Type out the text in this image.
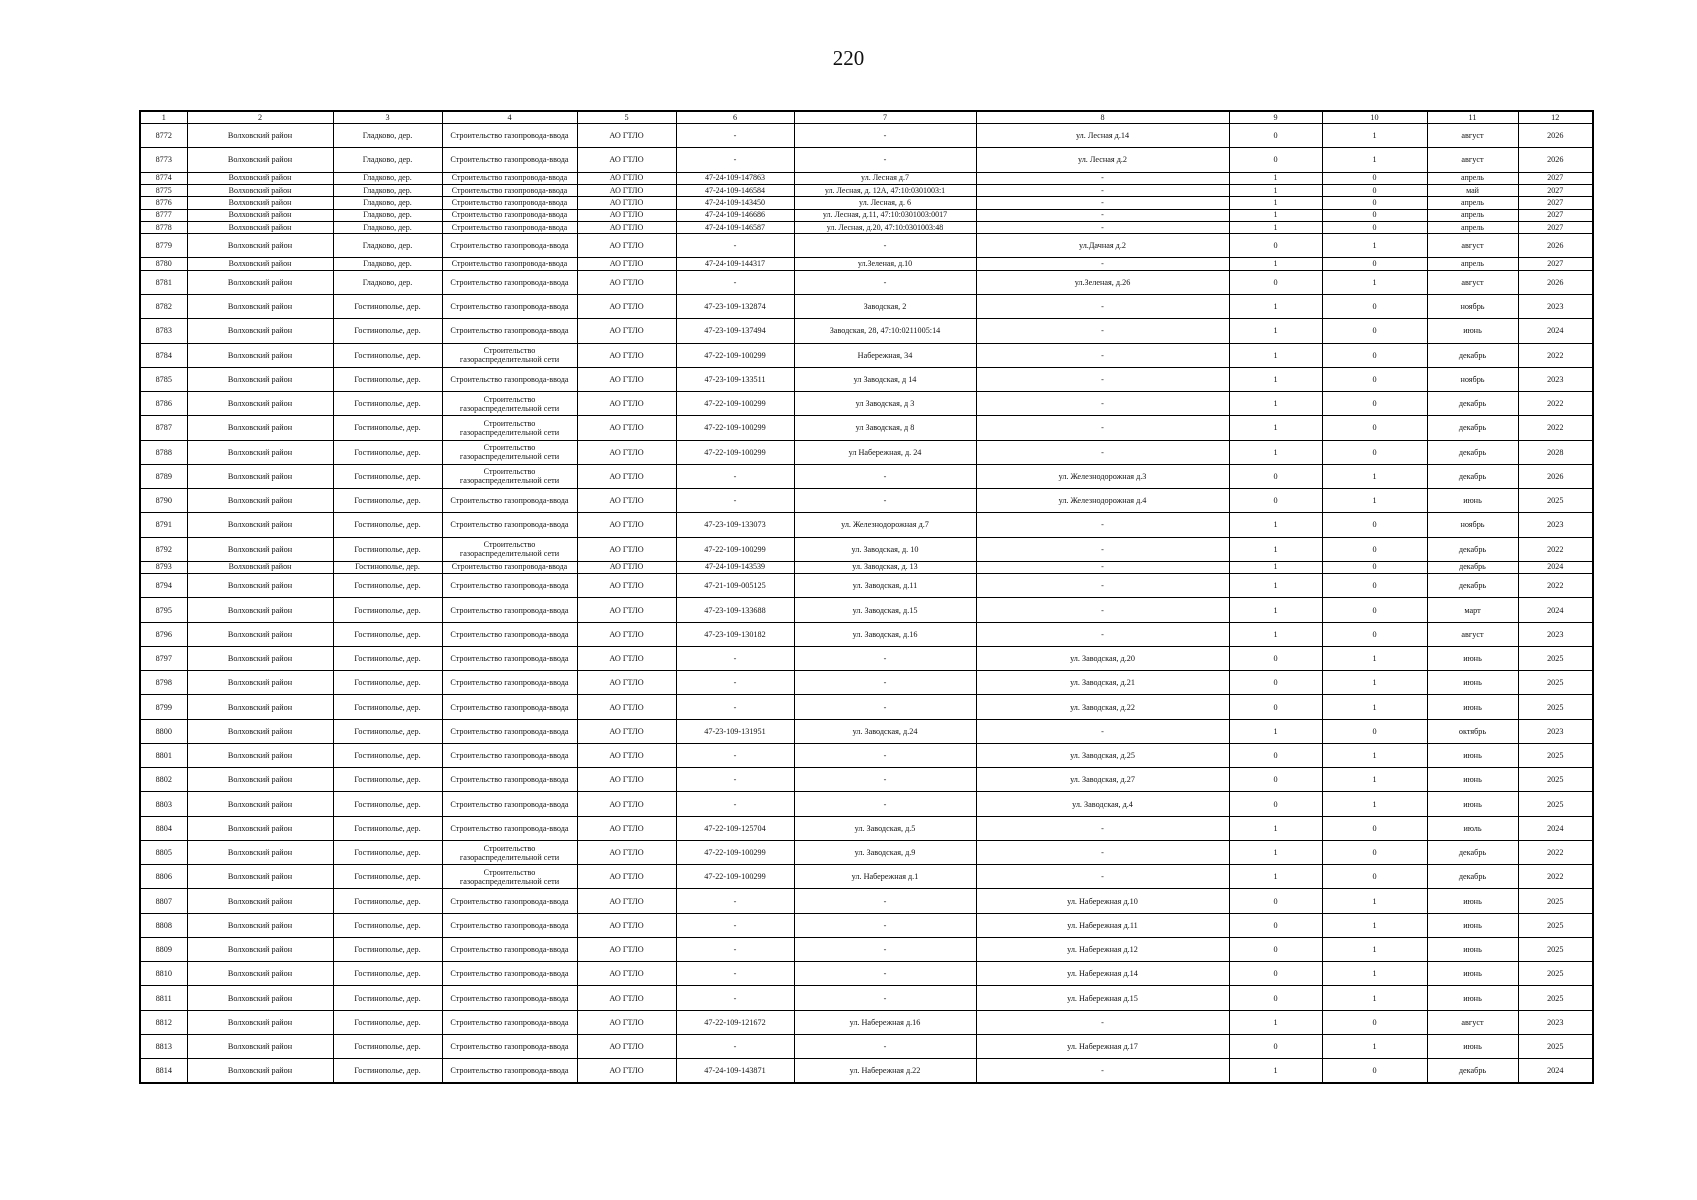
220
1	2	3	4	5	6	7	8	9	10	11	12
8772	Волховский район	Гладково, дер.	Строительство газопровода-ввода	АО ГТЛО	-	-	ул. Лесная д.14	0	1	август	2026
8773	Волховский район	Гладково, дер.	Строительство газопровода-ввода	АО ГТЛО	-	-	ул. Лесная д.2	0	1	август	2026
8774	Волховский район	Гладково, дер.	Строительство газопровода-ввода	АО ГТЛО	47-24-109-147863	ул. Лесная д.7	-	1	0	апрель	2027
8775	Волховский район	Гладково, дер.	Строительство газопровода-ввода	АО ГТЛО	47-24-109-146584	ул. Лесная, д. 12А, 47:10:0301003:1	-	1	0	май	2027
8776	Волховский район	Гладково, дер.	Строительство газопровода-ввода	АО ГТЛО	47-24-109-143450	ул. Лесная, д. 6	-	1	0	апрель	2027
8777	Волховский район	Гладково, дер.	Строительство газопровода-ввода	АО ГТЛО	47-24-109-146686	ул. Лесная, д.11, 47:10:0301003:0017	-	1	0	апрель	2027
8778	Волховский район	Гладково, дер.	Строительство газопровода-ввода	АО ГТЛО	47-24-109-146587	ул. Лесная, д.20, 47:10:0301003:48	-	1	0	апрель	2027
8779	Волховский район	Гладково, дер.	Строительство газопровода-ввода	АО ГТЛО	-	-	ул.Дачная д.2	0	1	август	2026
8780	Волховский район	Гладково, дер.	Строительство газопровода-ввода	АО ГТЛО	47-24-109-144317	ул.Зеленая, д.10	-	1	0	апрель	2027
8781	Волховский район	Гладково, дер.	Строительство газопровода-ввода	АО ГТЛО	-	-	ул.Зеленая, д.26	0	1	август	2026
8782	Волховский район	Гостинополье, дер.	Строительство газопровода-ввода	АО ГТЛО	47-23-109-132874	Заводская, 2	-	1	0	ноябрь	2023
8783	Волховский район	Гостинополье, дер.	Строительство газопровода-ввода	АО ГТЛО	47-23-109-137494	Заводская, 28, 47:10:0211005:14	-	1	0	июнь	2024
8784	Волховский район	Гостинополье, дер.	Строительство газораспределительной сети	АО ГТЛО	47-22-109-100299	Набережная, 34	-	1	0	декабрь	2022
8785	Волховский район	Гостинополье, дер.	Строительство газопровода-ввода	АО ГТЛО	47-23-109-133511	ул Заводская, д 14	-	1	0	ноябрь	2023
8786	Волховский район	Гостинополье, дер.	Строительство газораспределительной сети	АО ГТЛО	47-22-109-100299	ул Заводская, д 3	-	1	0	декабрь	2022
8787	Волховский район	Гостинополье, дер.	Строительство газораспределительной сети	АО ГТЛО	47-22-109-100299	ул Заводская, д 8	-	1	0	декабрь	2022
8788	Волховский район	Гостинополье, дер.	Строительство газораспределительной сети	АО ГТЛО	47-22-109-100299	ул Набережная, д. 24	-	1	0	декабрь	2028
8789	Волховский район	Гостинополье, дер.	Строительство газораспределительной сети	АО ГТЛО	-	-	ул. Железнодорожная д.3	0	1	декабрь	2026
8790	Волховский район	Гостинополье, дер.	Строительство газопровода-ввода	АО ГТЛО	-	-	ул. Железнодорожная д.4	0	1	июнь	2025
8791	Волховский район	Гостинополье, дер.	Строительство газопровода-ввода	АО ГТЛО	47-23-109-133073	ул. Железнодорожная д.7	-	1	0	ноябрь	2023
8792	Волховский район	Гостинополье, дер.	Строительство газораспределительной сети	АО ГТЛО	47-22-109-100299	ул. Заводская, д. 10	-	1	0	декабрь	2022
8793	Волховский район	Гостинополье, дер.	Строительство газопровода-ввода	АО ГТЛО	47-24-109-143539	ул. Заводская, д. 13	-	1	0	декабрь	2024
8794	Волховский район	Гостинополье, дер.	Строительство газопровода-ввода	АО ГТЛО	47-21-109-005125	ул. Заводская, д.11	-	1	0	декабрь	2022
8795	Волховский район	Гостинополье, дер.	Строительство газопровода-ввода	АО ГТЛО	47-23-109-133688	ул. Заводская, д.15	-	1	0	март	2024
8796	Волховский район	Гостинополье, дер.	Строительство газопровода-ввода	АО ГТЛО	47-23-109-130182	ул. Заводская, д.16	-	1	0	август	2023
8797	Волховский район	Гостинополье, дер.	Строительство газопровода-ввода	АО ГТЛО	-	-	ул. Заводская, д.20	0	1	июнь	2025
8798	Волховский район	Гостинополье, дер.	Строительство газопровода-ввода	АО ГТЛО	-	-	ул. Заводская, д.21	0	1	июнь	2025
8799	Волховский район	Гостинополье, дер.	Строительство газопровода-ввода	АО ГТЛО	-	-	ул. Заводская, д.22	0	1	июнь	2025
8800	Волховский район	Гостинополье, дер.	Строительство газопровода-ввода	АО ГТЛО	47-23-109-131951	ул. Заводская, д.24	-	1	0	октябрь	2023
8801	Волховский район	Гостинополье, дер.	Строительство газопровода-ввода	АО ГТЛО	-	-	ул. Заводская, д.25	0	1	июнь	2025
8802	Волховский район	Гостинополье, дер.	Строительство газопровода-ввода	АО ГТЛО	-	-	ул. Заводская, д.27	0	1	июнь	2025
8803	Волховский район	Гостинополье, дер.	Строительство газопровода-ввода	АО ГТЛО	-	-	ул. Заводская, д.4	0	1	июнь	2025
8804	Волховский район	Гостинополье, дер.	Строительство газопровода-ввода	АО ГТЛО	47-22-109-125704	ул. Заводская, д.5	-	1	0	июль	2024
8805	Волховский район	Гостинополье, дер.	Строительство газораспределительной сети	АО ГТЛО	47-22-109-100299	ул. Заводская, д.9	-	1	0	декабрь	2022
8806	Волховский район	Гостинополье, дер.	Строительство газораспределительной сети	АО ГТЛО	47-22-109-100299	ул. Набережная д.1	-	1	0	декабрь	2022
8807	Волховский район	Гостинополье, дер.	Строительство газопровода-ввода	АО ГТЛО	-	-	ул. Набережная д.10	0	1	июнь	2025
8808	Волховский район	Гостинополье, дер.	Строительство газопровода-ввода	АО ГТЛО	-	-	ул. Набережная д.11	0	1	июнь	2025
8809	Волховский район	Гостинополье, дер.	Строительство газопровода-ввода	АО ГТЛО	-	-	ул. Набережная д.12	0	1	июнь	2025
8810	Волховский район	Гостинополье, дер.	Строительство газопровода-ввода	АО ГТЛО	-	-	ул. Набережная д.14	0	1	июнь	2025
8811	Волховский район	Гостинополье, дер.	Строительство газопровода-ввода	АО ГТЛО	-	-	ул. Набережная д.15	0	1	июнь	2025
8812	Волховский район	Гостинополье, дер.	Строительство газопровода-ввода	АО ГТЛО	47-22-109-121672	ул. Набережная д.16	-	1	0	август	2023
8813	Волховский район	Гостинополье, дер.	Строительство газопровода-ввода	АО ГТЛО	-	-	ул. Набережная д.17	0	1	июнь	2025
8814	Волховский район	Гостинополье, дер.	Строительство газопровода-ввода	АО ГТЛО	47-24-109-143871	ул. Набережная д.22	-	1	0	декабрь	2024
